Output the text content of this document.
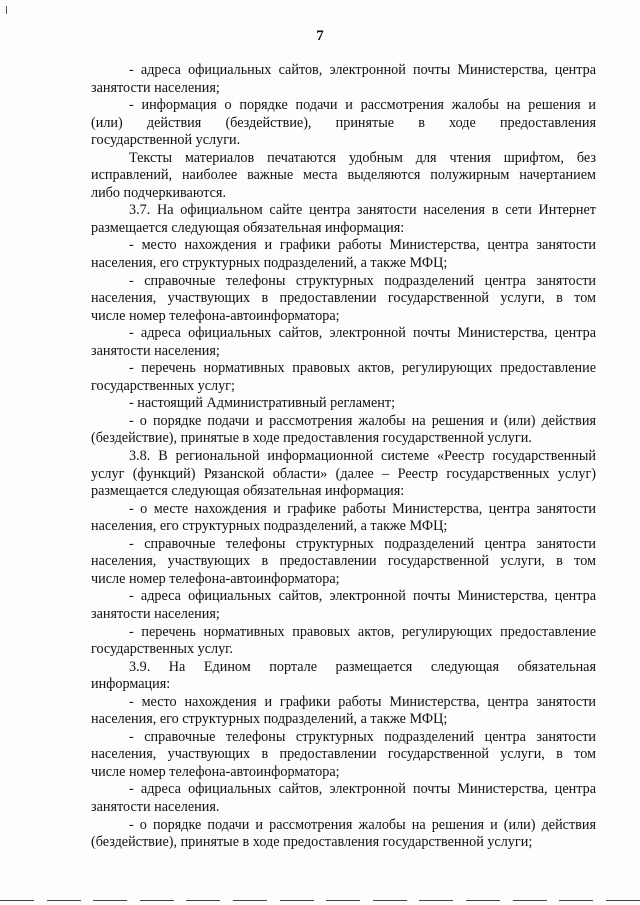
7
- адреса официальных сайтов, электронной почты Министерства, центра
занятости населения;
- информация о порядке подачи и рассмотрения жалобы на решения и
(или) действия (бездействие), принятые в ходе предоставления
государственной услуги.
Тексты материалов печатаются удобным для чтения шрифтом, без
исправлений, наиболее важные места выделяются полужирным начертанием
либо подчеркиваются.
3.7. На официальном сайте центра занятости населения в сети Интернет
размещается следующая обязательная информация:
- место нахождения и графики работы Министерства, центра занятости
населения, его структурных подразделений, а также МФЦ;
- справочные телефоны структурных подразделений центра занятости
населения, участвующих в предоставлении государственной услуги, в том
числе номер телефона-автоинформатора;
- адреса официальных сайтов, электронной почты Министерства, центра
занятости населения;
- перечень нормативных правовых актов, регулирующих предоставление
государственных услуг;
- настоящий Административный регламент;
- о порядке подачи и рассмотрения жалобы на решения и (или) действия
(бездействие), принятые в ходе предоставления государственной услуги.
3.8. В региональной информационной системе «Реестр государственный
услуг (функций) Рязанской области» (далее – Реестр государственных услуг)
размещается следующая обязательная информация:
- о месте нахождения и графике работы Министерства, центра занятости
населения, его структурных подразделений, а также МФЦ;
- справочные телефоны структурных подразделений центра занятости
населения, участвующих в предоставлении государственной услуги, в том
числе номер телефона-автоинформатора;
- адреса официальных сайтов, электронной почты Министерства, центра
занятости населения;
- перечень нормативных правовых актов, регулирующих предоставление
государственных услуг.
3.9. На Едином портале размещается следующая обязательная
информация:
- место нахождения и графики работы Министерства, центра занятости
населения, его структурных подразделений, а также МФЦ;
- справочные телефоны структурных подразделений центра занятости
населения, участвующих в предоставлении государственной услуги, в том
числе номер телефона-автоинформатора;
- адреса официальных сайтов, электронной почты Министерства, центра
занятости населения.
- о порядке подачи и рассмотрения жалобы на решения и (или) действия
(бездействие), принятые в ходе предоставления государственной услуги;
